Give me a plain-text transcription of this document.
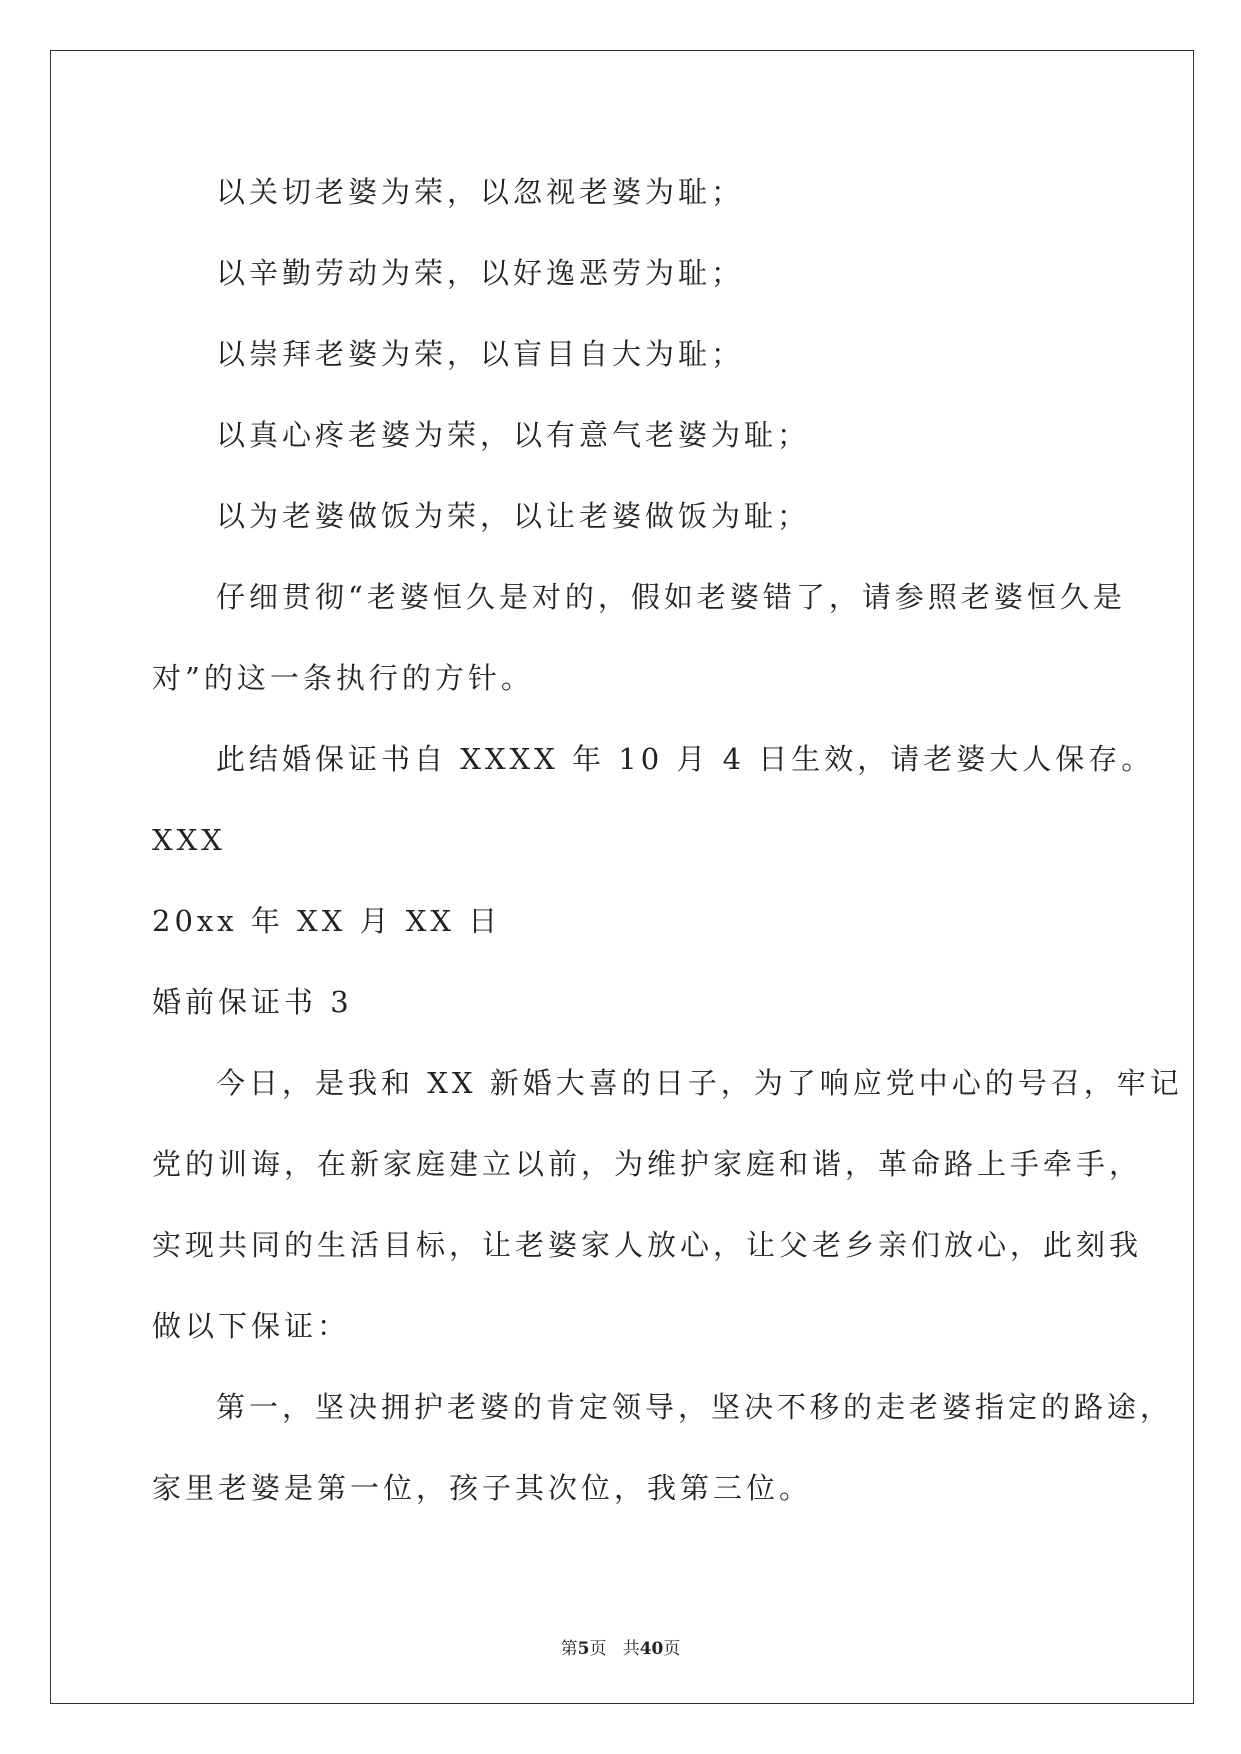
以关切老婆为荣，以忽视老婆为耻；
以辛勤劳动为荣，以好逸恶劳为耻；
以崇拜老婆为荣，以盲目自大为耻；
以真心疼老婆为荣，以有意气老婆为耻；
以为老婆做饭为荣，以让老婆做饭为耻；
仔细贯彻“老婆恒久是对的，假如老婆错了，请参照老婆恒久是
对”的这一条执行的方针。
此结婚保证书自 XXXX 年 10 月 4 日生效，请老婆大人保存。
XXX
20xx 年 XX 月 XX 日
婚前保证书 3
今日，是我和 XX 新婚大喜的日子，为了响应党中心的号召，牢记
党的训诲，在新家庭建立以前，为维护家庭和谐，革命路上手牵手，
实现共同的生活目标，让老婆家人放心，让父老乡亲们放心，此刻我
做以下保证：
第一，坚决拥护老婆的肯定领导，坚决不移的走老婆指定的路途，
家里老婆是第一位，孩子其次位，我第三位。
第5页 共40页
